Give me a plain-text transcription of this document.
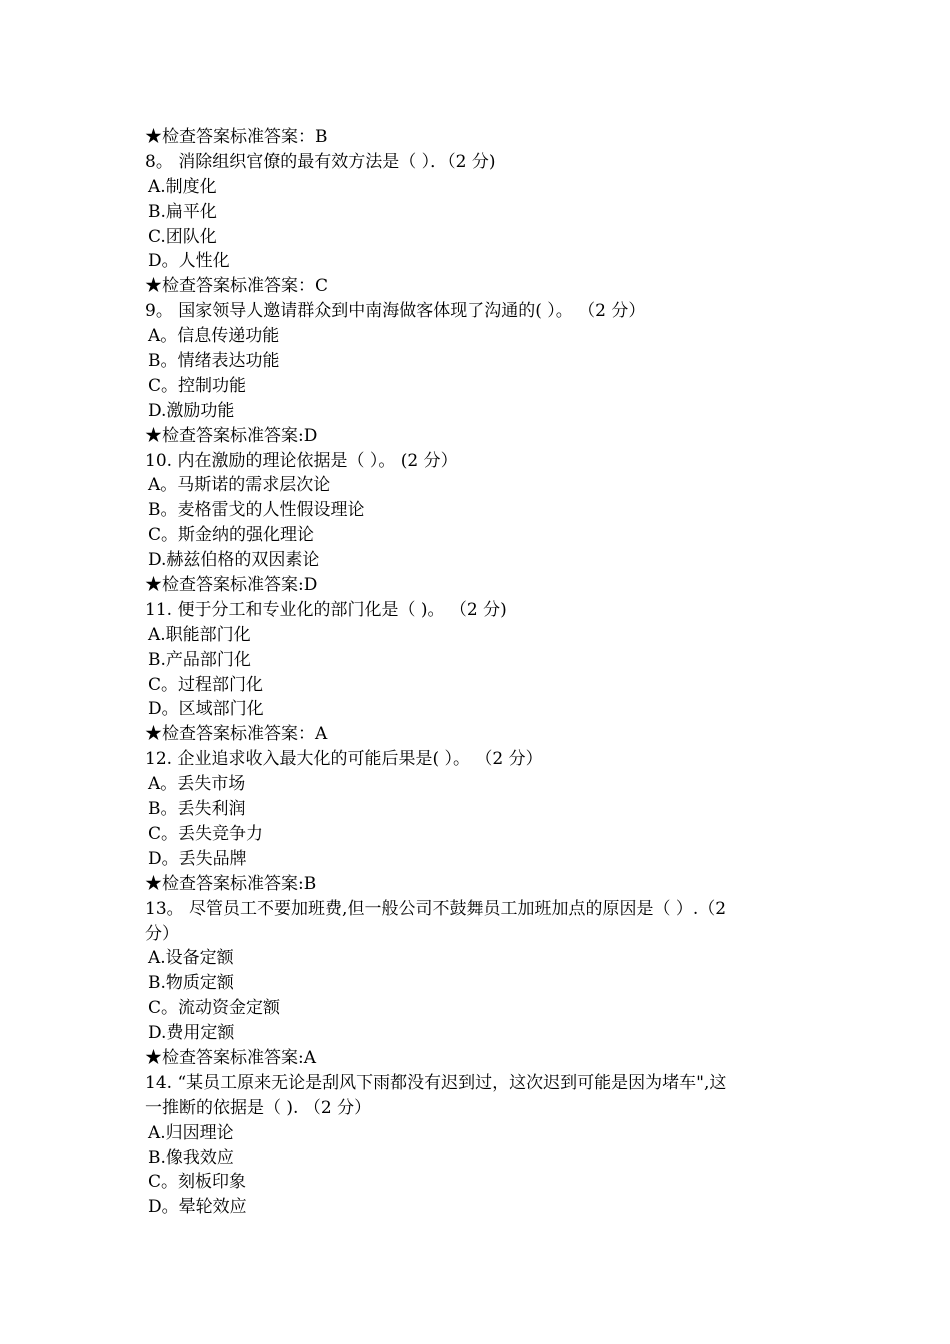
★检查答案标准答案：B
8。 消除组织官僚的最有效方法是（ ）．（2 分)
A.制度化
B.扁平化
C.团队化
D。人性化
★检查答案标准答案：C
9。 国家领导人邀请群众到中南海做客体现了沟通的( ）。 （2 分）
A。信息传递功能
B。情绪表达功能
C。控制功能
D.激励功能
★检查答案标准答案:D
10. 内在激励的理论依据是（ ）。 (2 分）
A。马斯诺的需求层次论
B。麦格雷戈的人性假设理论
C。斯金纳的强化理论
D.赫兹伯格的双因素论
★检查答案标准答案:D
11. 便于分工和专业化的部门化是（ )。 （2 分)
A.职能部门化
B.产品部门化
C。过程部门化
D。区域部门化
★检查答案标准答案：A
12. 企业追求收入最大化的可能后果是( ）。 （2 分）
A。丢失市场
B。丢失利润
C。丢失竞争力
D。丢失品牌
★检查答案标准答案:B
13。 尽管员工不要加班费,但一般公司不鼓舞员工加班加点的原因是（ ）.（2
分）
A.设备定额
B.物质定额
C。流动资金定额
D.费用定额
★检查答案标准答案:A
14. “某员工原来无论是刮风下雨都没有迟到过，这次迟到可能是因为堵车",这
一推断的依据是（ ). （2 分）
A.归因理论
B.像我效应
C。刻板印象
D。晕轮效应
